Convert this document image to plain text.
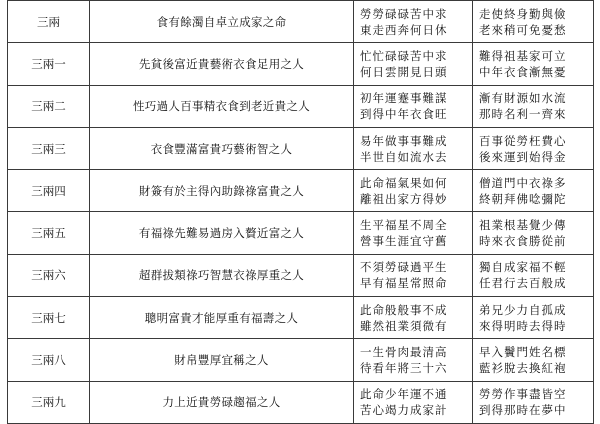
三兩	食有餘濁自卓立成家之命	勞勞碌碌苦中求
東走西奔何日休	走使終身勤與儉
老來稍可免憂愁

三兩一	先貧後富近貴藝術衣食足用之人	忙忙碌碌苦中求
何日雲開見日頭	難得祖基家可立
中年衣食漸無憂

三兩二	性巧過人百事精衣食到老近貴之人	初年運蹇事難謀
到得中年衣食旺	漸有財源如水流
那時名利一齊來

三兩三	衣食豐滿富貴巧藝術智之人	易年做事事難成
半世自如流水去	百事從勞枉費心
後來運到始得金

三兩四	財簽有於主得內助錄祿富貴之人	此命福氣果如何
離祖出家方得妙	僧道門中衣祿多
終朝拜佛唸彌陀

三兩五	有福祿先難易過房入贅近富之人	生平福星不周全
營事生涯宜守舊	祖業根基覺少傳
時來衣食勝從前

三兩六	超群拔類祿巧智慧衣祿厚重之人	不須勞碌過平生
早有福星常照命	獨自成家福不輕
任君行去百般成

三兩七	聰明富貴才能厚重有福壽之人	此命般般事不成
雖然祖業須微有	弟兄少力自孤成
來得明時去得時

三兩八	財帛豐厚宜稱之人	一生骨肉最清高
待看年將三十六	早入鬢門姓名標
藍衫脫去換紅袍

三兩九	力上近貴勞碌趨福之人	此命少年運不通
苦心竭力成家計	勞勞作事盡皆空
到得那時在夢中
